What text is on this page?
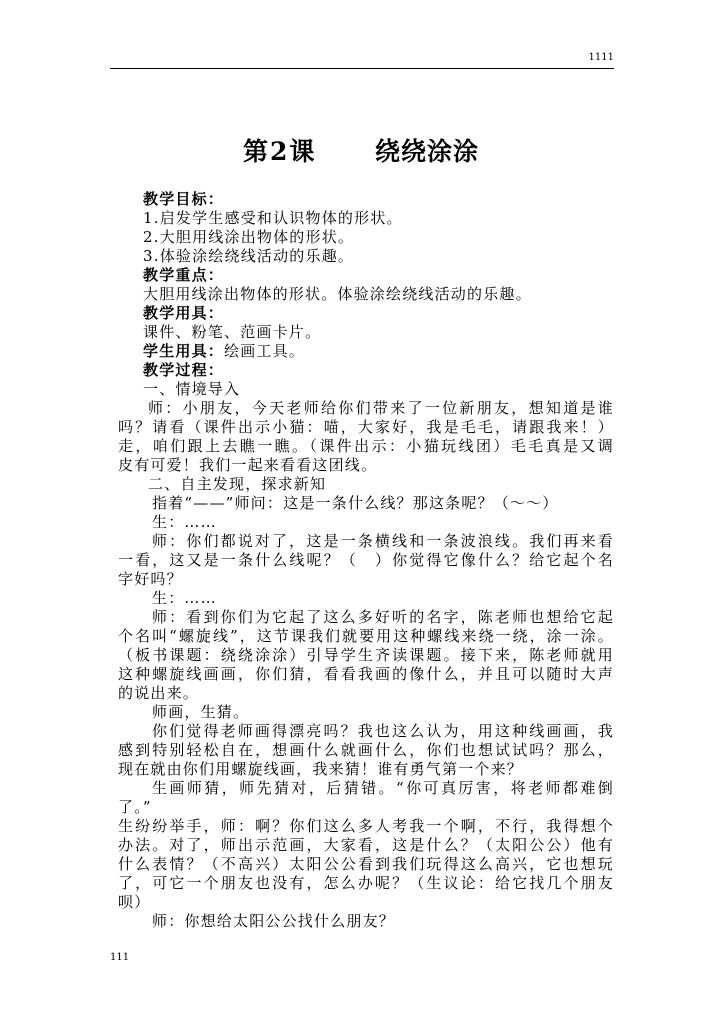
1111
第2课 绕绕涂涂
教学目标：
1.启发学生感受和认识物体的形状。
2.大胆用线涂出物体的形状。
3.体验涂绘绕线活动的乐趣。
教学重点：
大胆用线涂出物体的形状。体验涂绘绕线活动的乐趣。
教学用具：
课件、粉笔、范画卡片。
学生用具：绘画工具。
教学过程：
一、情境导入
师：小朋友，今天老师给你们带来了一位新朋友，想知道是谁
吗？请看（课件出示小猫：喵，大家好，我是毛毛，请跟我来！）
走，咱们跟上去瞧一瞧。（课件出示：小猫玩线团）毛毛真是又调
皮有可爱！我们一起来看看这团线。
二、自主发现，探求新知
指着“——”师问：这是一条什么线？那这条呢？（～～）
生：……
师：你们都说对了，这是一条横线和一条波浪线。我们再来看
一看，这又是一条什么线呢？（　）你觉得它像什么？给它起个名
字好吗？
生：……
师：看到你们为它起了这么多好听的名字，陈老师也想给它起
个名叫“螺旋线”，这节课我们就要用这种螺线来绕一绕，涂一涂。
（板书课题：绕绕涂涂）引导学生齐读课题。接下来，陈老师就用
这种螺旋线画画，你们猜，看看我画的像什么，并且可以随时大声
的说出来。
师画，生猜。
你们觉得老师画得漂亮吗？我也这么认为，用这种线画画，我
感到特别轻松自在，想画什么就画什么，你们也想试试吗？那么，
现在就由你们用螺旋线画，我来猜！谁有勇气第一个来？
生画师猜，师先猜对，后猜错。“你可真厉害，将老师都难倒
了。”
生纷纷举手，师：啊？你们这么多人考我一个啊，不行，我得想个
办法。对了，师出示范画，大家看，这是什么？（太阳公公）他有
什么表情？（不高兴）太阳公公看到我们玩得这么高兴，它也想玩
了，可它一个朋友也没有，怎么办呢？（生议论：给它找几个朋友
呗）
师：你想给太阳公公找什么朋友？
111
